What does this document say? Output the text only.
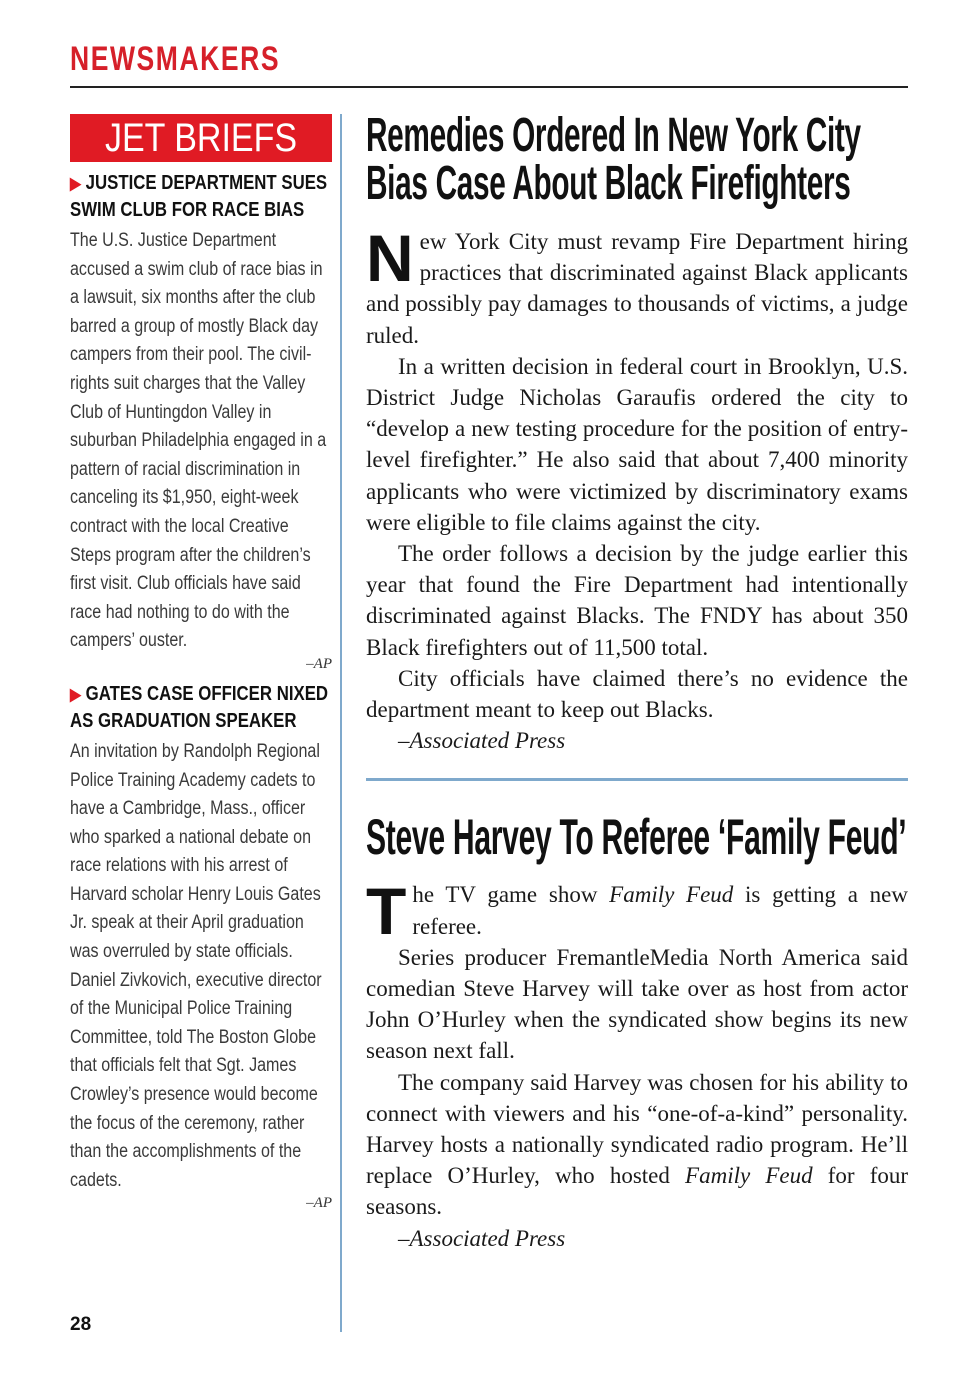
NEWSMAKERS
JET BRIEFS
▶ JUSTICE DEPARTMENT SUES
SWIM CLUB FOR RACE BIAS

The U.S. Justice Department accused a swim club of race bias in a lawsuit, six months after the club barred a group of mostly Black day campers from their pool. The civil-rights suit charges that the Valley Club of Huntingdon Valley in suburban Philadelphia engaged in a pattern of racial discrimination in canceling its $1,950, eight-week contract with the local Creative Steps program after the children’s first visit. Club officials have said race had nothing to do with the campers’ ouster.

–AP

▶ GATES CASE OFFICER NIXED
AS GRADUATION SPEAKER

An invitation by Randolph Regional Police Training Academy cadets to have a Cambridge, Mass., officer who sparked a national debate on race relations with his arrest of Harvard scholar Henry Louis Gates Jr. speak at their April graduation was overruled by state officials. Daniel Zivkovich, executive director of the Municipal Police Training Committee, told The Boston Globe that officials felt that Sgt. James Crowley’s presence would become the focus of the ceremony, rather than the accomplishments of the cadets.

–AP

Remedies Ordered In New York City
Bias Case About Black Firefighters

New York City must revamp Fire Department hiring practices that discriminated against Black applicants and possibly pay damages to thousands of victims, a judge ruled.

In a written decision in federal court in Brooklyn, U.S. District Judge Nicholas Garaufis ordered the city to “develop a new testing procedure for the position of entry-level firefighter.” He also said that about 7,400 minority applicants who were victimized by discriminatory exams were eligible to file claims against the city.

The order follows a decision by the judge earlier this year that found the Fire Department had intentionally discriminated against Blacks. The FNDY has about 350 Black firefighters out of 11,500 total.

City officials have claimed there’s no evidence the department meant to keep out Blacks.

–Associated Press

Steve Harvey To Referee ‘Family Feud’

The TV game show Family Feud is getting a new referee.

Series producer FremantleMedia North America said comedian Steve Harvey will take over as host from actor John O’Hurley when the syndicated show begins its new season next fall.

The company said Harvey was chosen for his ability to connect with viewers and his “one-of-a-kind” personality. Harvey hosts a nationally syndicated radio program. He’ll replace O’Hurley, who hosted Family Feud for four seasons.

–Associated Press

28
